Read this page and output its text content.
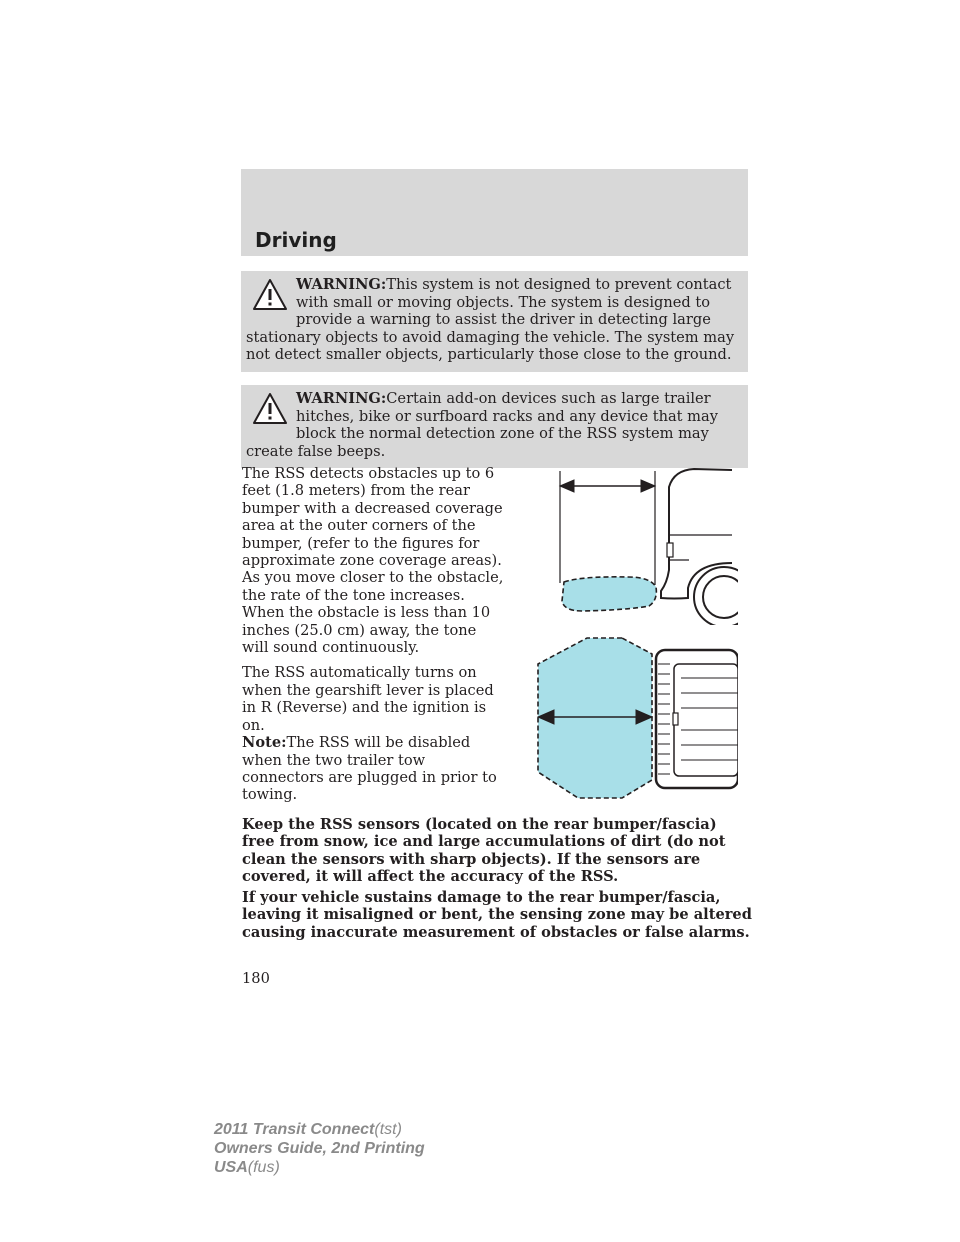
Driving

WARNING:This system is not designed to prevent contact with small or moving objects. The system is designed to provide a warning to assist the driver in detecting large stationary objects to avoid damaging the vehicle. The system may not detect smaller objects, particularly those close to the ground.

WARNING:Certain add-on devices such as large trailer hitches, bike or surfboard racks and any device that may block the normal detection zone of the RSS system may create false beeps.

The RSS detects obstacles up to 6 feet (1.8 meters) from the rear bumper with a decreased coverage area at the outer corners of the bumper, (refer to the figures for approximate zone coverage areas). As you move closer to the obstacle, the rate of the tone increases. When the obstacle is less than 10 inches (25.0 cm) away, the tone will sound continuously.

The RSS automatically turns on when the gearshift lever is placed in R (Reverse) and the ignition is on.
Note:The RSS will be disabled when the two trailer tow connectors are plugged in prior to towing.

Keep the RSS sensors (located on the rear bumper/fascia) free from snow, ice and large accumulations of dirt (do not clean the sensors with sharp objects). If the sensors are covered, it will affect the accuracy of the RSS.

If your vehicle sustains damage to the rear bumper/fascia, leaving it misaligned or bent, the sensing zone may be altered causing inaccurate measurement of obstacles or false alarms.

180
2011 Transit Connect(tst)
Owners Guide, 2nd Printing
USA(fus)
